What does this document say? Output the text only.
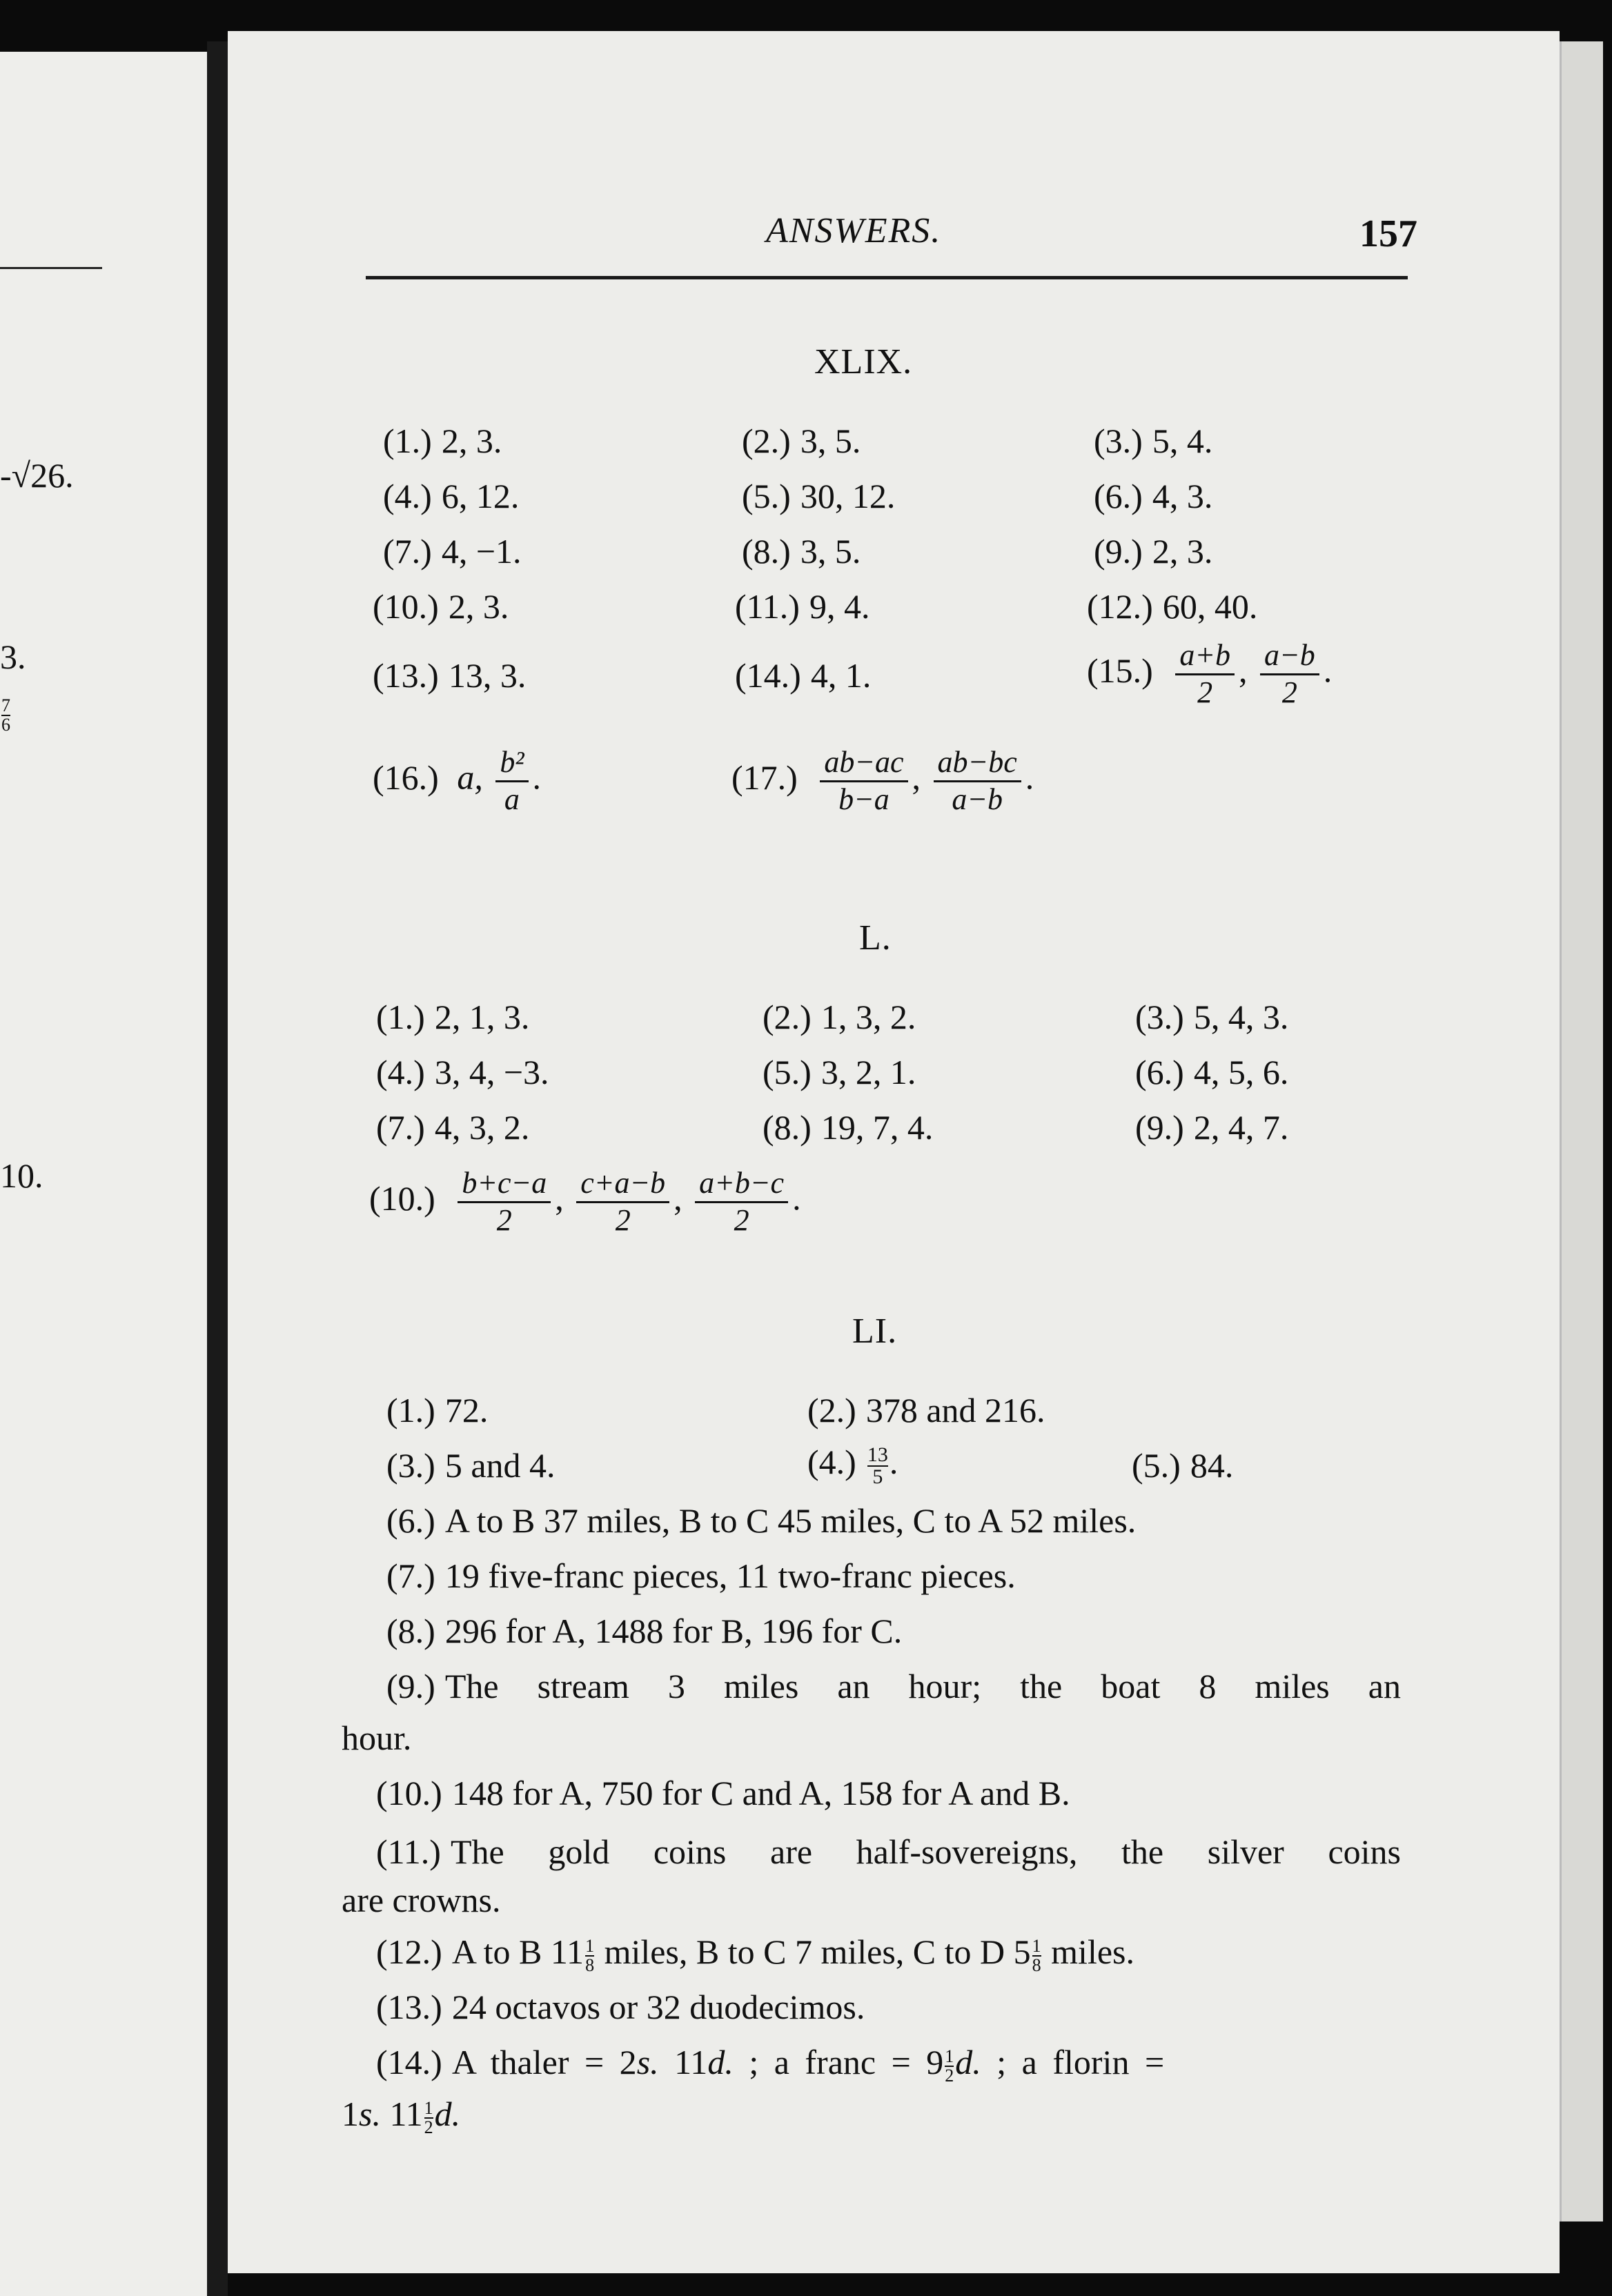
-√26.
3.
$\frac{7}{6}$
10.
ANSWERS.	157
XLIX.
(1.) 2, 3.	(2.) 3, 5.	(3.) 5, 4.
(4.) 6, 12.	(5.) 30, 12.	(6.) 4, 3.
(7.) 4, −1.	(8.) 3, 5.	(9.) 2, 3.
(10.) 2, 3.	(11.) 9, 4.	(12.) 60, 40.
(13.) 13, 3.	(14.) 4, 1.	$(15.) \frac{a+b}{2}$ , $\frac{a-b}{2}$ .
(16.) a, $\frac{\text{b²}}{a}$ .	$(17.) \frac{ab-ac}{b-a}$ , $\frac{ab-bc}{a-b}$ .
L.
(1.) 2, 1, 3.	(2.) 1, 3, 2.	(3.) 5, 4, 3.
(4.) 3, 4, −3.	(5.) 3, 2, 1.	(6.) 4, 5, 6.
(7.) 4, 3, 2.	(8.) 19, 7, 4.	(9.) 2, 4, 7.
$(10.) \frac{b+c-a}{2}$ , $\frac{c+a-b}{2}$ , $\frac{a+b-c}{2}$ .
LI.
(1.) 72.	(2.) 378 and 216.
(3.) 5 and 4.	$(4.) \frac{13}{5}$ .	(5.) 84.
(6.) A to B 37 miles, B to C 45 miles, C to A 52 miles.
(7.) 19 five-franc pieces, 11 two-franc pieces.
(8.) 296 for A, 1488 for B, 196 for C.
(9.) The stream 3 miles an hour; the boat 8 miles an
hour.
(10.) 148 for A, 750 for C and A, 158 for A and B.
(11.) The gold coins are half-sovereigns, the silver coins
are crowns.
(12.) A to B $11 \frac{1}{8}$ miles, B to C 7 miles, C to D $5 \frac{1}{8}$ miles.
(13.) 24 octavos or 32 duodecimos.
(14.) A thaler = 2s. 11d. ; a franc = $9 \frac{1}{2} d$. ; a florin =
1s. $11 \frac{1}{2} d$.
